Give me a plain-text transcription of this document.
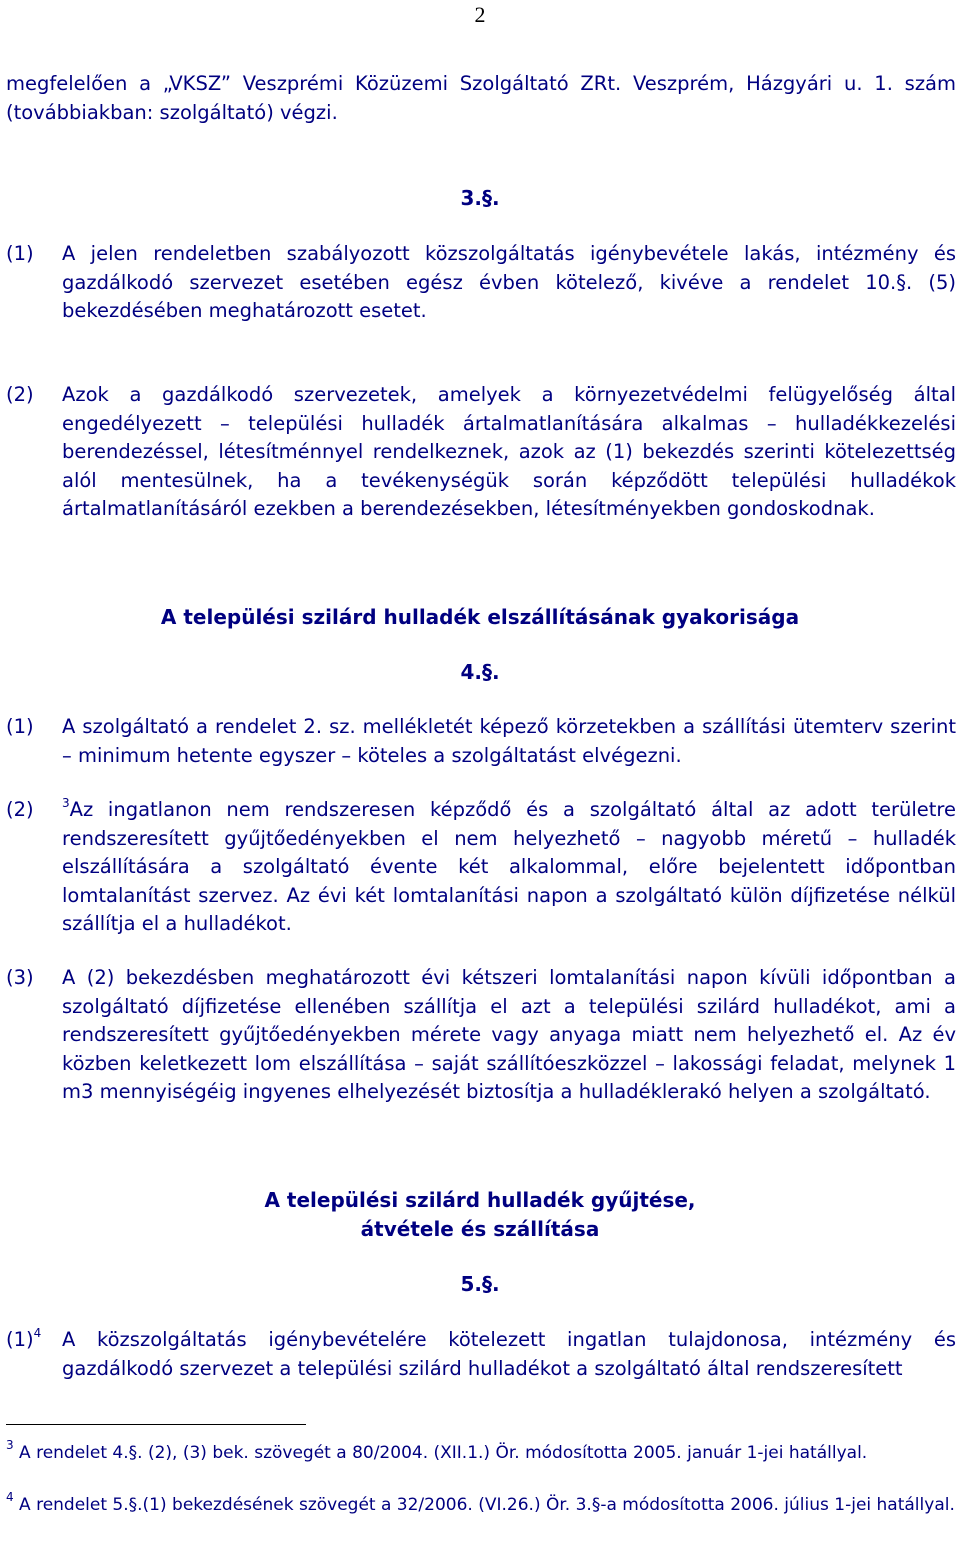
2
megfelelően a „VKSZ” Veszprémi Közüzemi Szolgáltató ZRt. Veszprém, Házgyári u. 1. szám (továbbiakban: szolgáltató) végzi.
3.§.
(1) A jelen rendeletben szabályozott közszolgáltatás igénybevétele lakás, intézmény és gazdálkodó szervezet esetében egész évben kötelező, kivéve a rendelet 10.§. (5) bekezdésében meghatározott esetet.
(2) Azok a gazdálkodó szervezetek, amelyek a környezetvédelmi felügyelőség által engedélyezett – települési hulladék ártalmatlanítására alkalmas – hulladékkezelési berendezéssel, létesítménnyel rendelkeznek, azok az (1) bekezdés szerinti kötelezettség alól mentesülnek, ha a tevékenységük során képződött települési hulladékok ártalmatlanításáról ezekben a berendezésekben, létesítményekben gondoskodnak.
A települési szilárd hulladék elszállításának gyakorisága
4.§.
(1) A szolgáltató a rendelet 2. sz. mellékletét képező körzetekben a szállítási ütemterv szerint – minimum hetente egyszer – köteles a szolgáltatást elvégezni.
(2) $^3$Az ingatlanon nem rendszeresen képződő és a szolgáltató által az adott területre rendszeresített gyűjtőedényekben el nem helyezhető – nagyobb méretű – hulladék elszállítására a szolgáltató évente két alkalommal, előre bejelentett időpontban lomtalanítást szervez. Az évi két lomtalanítási napon a szolgáltató külön díjfizetése nélkül szállítja el a hulladékot.
(3) A (2) bekezdésben meghatározott évi kétszeri lomtalanítási napon kívüli időpontban a szolgáltató díjfizetése ellenében szállítja el azt a települési szilárd hulladékot, ami a rendszeresített gyűjtőedényekben mérete vagy anyaga miatt nem helyezhető el. Az év közben keletkezett lom elszállítása – saját szállítóeszközzel – lakossági feladat, melynek 1 m3 mennyiségéig ingyenes elhelyezését biztosítja a hulladéklerakó helyen a szolgáltató.
A települési szilárd hulladék gyűjtése,
átvétele és szállítása
5.§.
$(1)^4$ A közszolgáltatás igénybevételére kötelezett ingatlan tulajdonosa, intézmény és gazdálkodó szervezet a települési szilárd hulladékot a szolgáltató által rendszeresített
$^3$ A rendelet 4.§. (2), (3) bek. szövegét a 80/2004. (XII.1.) Ör. módosította 2005. január 1-jei hatállyal.
$^4$ A rendelet 5.§.(1) bekezdésének szövegét a 32/2006. (VI.26.) Ör. 3.§-a módosította 2006. július 1-jei hatállyal.
